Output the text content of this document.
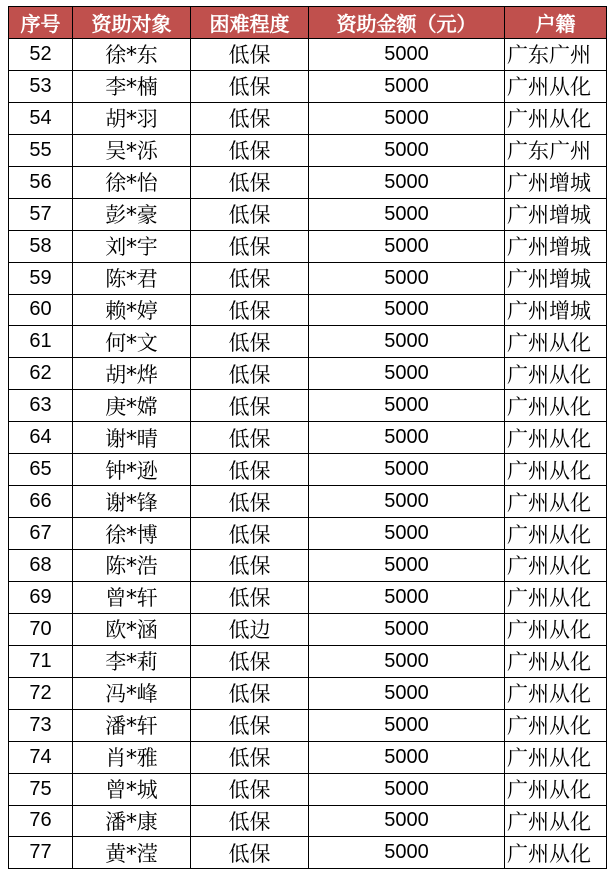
序号	资助对象	困难程度	资助金额（元）	户籍
52	徐*东	低保	5000	广东广州
53	李*楠	低保	5000	广州从化
54	胡*羽	低保	5000	广州从化
55	吴*泺	低保	5000	广东广州
56	徐*怡	低保	5000	广州增城
57	彭*豪	低保	5000	广州增城
58	刘*宇	低保	5000	广州增城
59	陈*君	低保	5000	广州增城
60	赖*婷	低保	5000	广州增城
61	何*文	低保	5000	广州从化
62	胡*烨	低保	5000	广州从化
63	庚*嫦	低保	5000	广州从化
64	谢*晴	低保	5000	广州从化
65	钟*逊	低保	5000	广州从化
66	谢*锋	低保	5000	广州从化
67	徐*博	低保	5000	广州从化
68	陈*浩	低保	5000	广州从化
69	曾*轩	低保	5000	广州从化
70	欧*涵	低边	5000	广州从化
71	李*莉	低保	5000	广州从化
72	冯*峰	低保	5000	广州从化
73	潘*轩	低保	5000	广州从化
74	肖*雅	低保	5000	广州从化
75	曾*城	低保	5000	广州从化
76	潘*康	低保	5000	广州从化
77	黄*滢	低保	5000	广州从化
